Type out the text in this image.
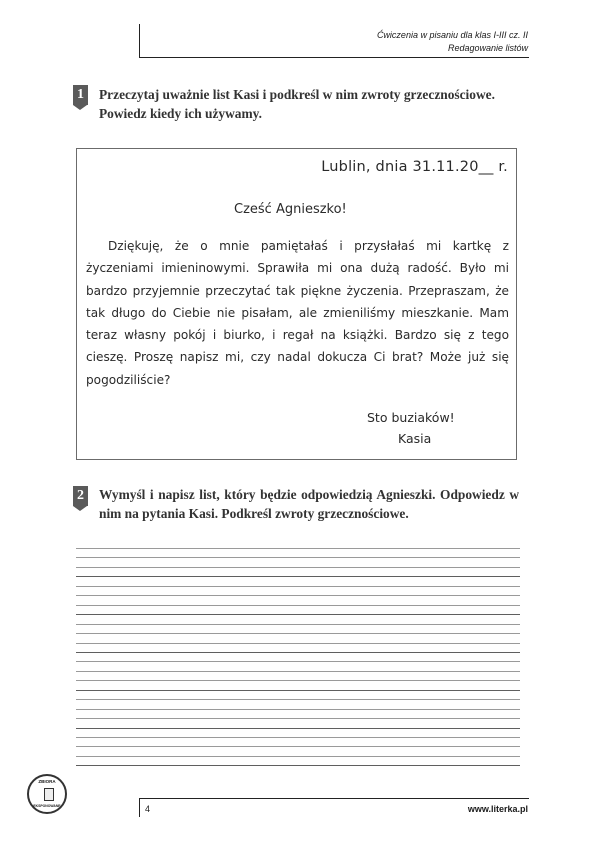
Ćwiczenia w pisaniu dla klas I-III cz. II
Redagowanie listów
1 Przeczytaj uważnie list Kasi i podkreśl w nim zwroty grzecznościowe.

Powiedz kiedy ich używamy.

Lublin, dnia 31.11.20__ r.
Cześć Agnieszko!

Dziękuję, że o mnie pamiętałaś i przysłałaś mi kartkę z życzeniami imieninowymi. Sprawiła mi ona dużą radość. Było mi bardzo przyjemnie przeczytać tak piękne życzenia. Przepraszam, że tak długo do Ciebie nie pisałam, ale zmieniliśmy mieszkanie. Mam teraz własny pokój i biurko, i regał na książki. Bardzo się z tego cieszę. Proszę napisz mi, czy nadal dokucza Ci brat? Może już się pogodziliście?

Sto buziaków!
Kasia
2 Wymyśl i napisz list, który będzie odpowiedzią Agnieszki. Odpowiedz w nim na pytania Kasi. Podkreśl zwroty grzecznościowe.
ZBIORA
EKSPONOWANE	4	www.literka.pl
